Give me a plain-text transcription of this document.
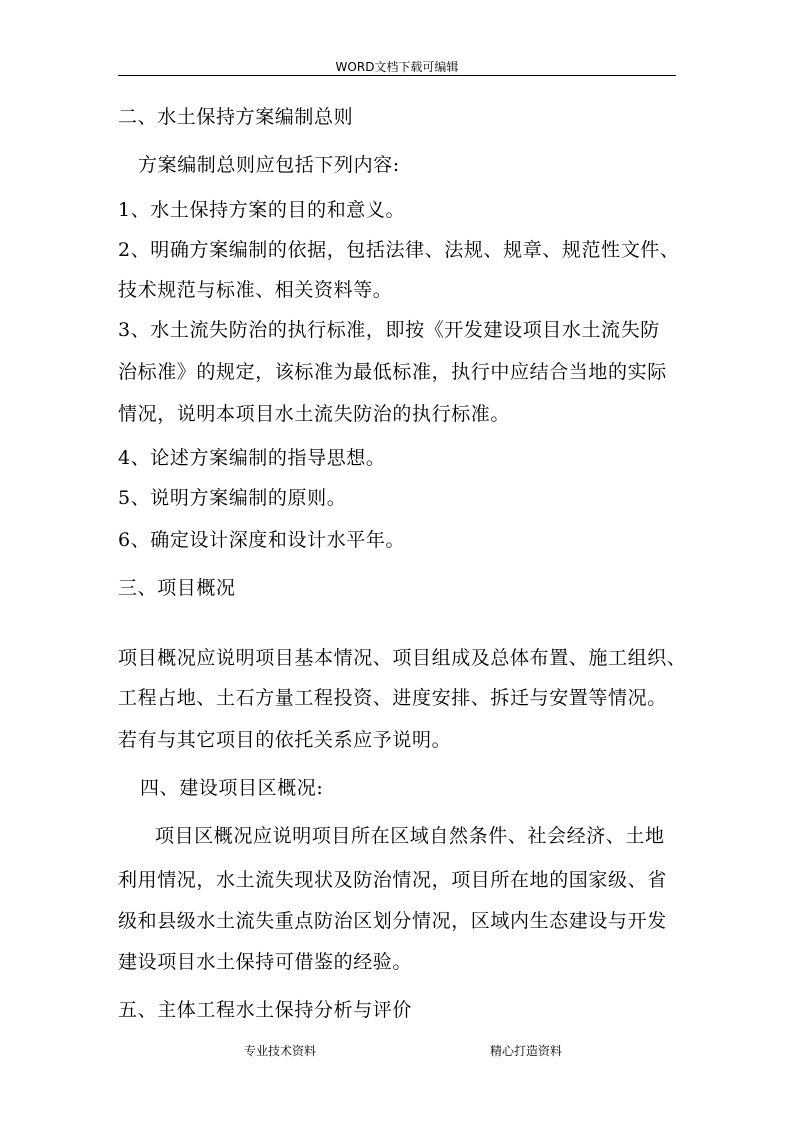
WORD文档下载可编辑
二、水土保持方案编制总则
方案编制总则应包括下列内容:
1、水土保持方案的目的和意义。
2、明确方案编制的依据，包括法律、法规、规章、规范性文件、
技术规范与标准、相关资料等。
3、水土流失防治的执行标准，即按《开发建设项目水土流失防
治标准》的规定，该标准为最低标准，执行中应结合当地的实际
情况，说明本项目水土流失防治的执行标准。
4、论述方案编制的指导思想。
5、说明方案编制的原则。
6、确定设计深度和设计水平年。
三、项目概况
项目概况应说明项目基本情况、项目组成及总体布置、施工组织、
工程占地、土石方量工程投资、进度安排、拆迁与安置等情况。
若有与其它项目的依托关系应予说明。
四、建设项目区概况:
项目区概况应说明项目所在区域自然条件、社会经济、土地
利用情况，水土流失现状及防治情况，项目所在地的国家级、省
级和县级水土流失重点防治区划分情况，区域内生态建设与开发
建设项目水土保持可借鉴的经验。
五、主体工程水土保持分析与评价
专业技术资料	精心打造资料
